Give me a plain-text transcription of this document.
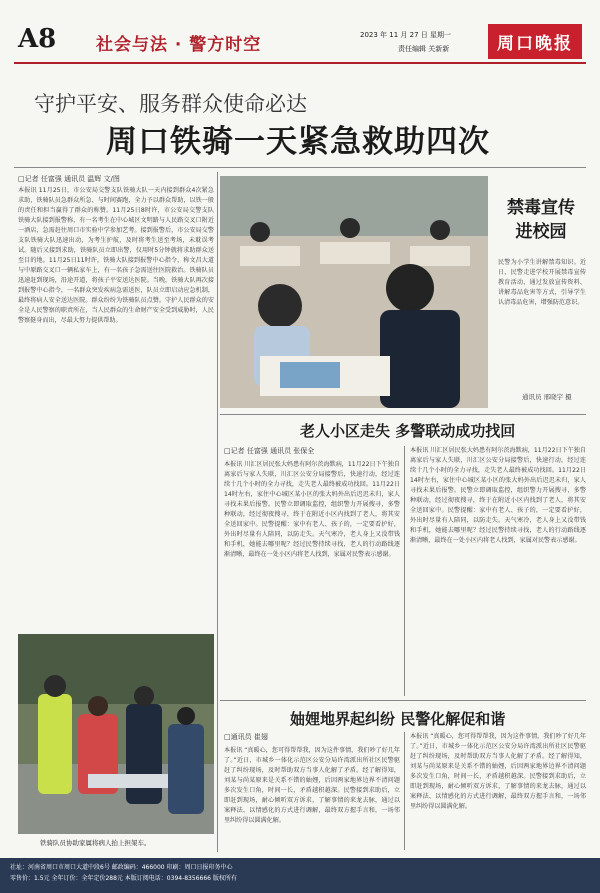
A8 社会与法 · 警方时空	2023 年 11 月 27 日 星期一
责任编辑 关新新	周口晚报
守护平安、服务群众使命必达
周口铁骑一天紧急救助四次
□记者 任富强 通讯员 温辉 文/图
本报讯 11月25日，市公安局交警支队铁骑大队一天内接到群众4次紧急求助，铁骑队员急群众所急、与时间赛跑，全力予以群众帮助，以铁一般的责任和担当赢得了群众的称赞。11月25日8时许，市公安局交警支队铁骑大队接到报警称，有一名考生在中心城区文明路与人民路交叉口附近一酒店，急需赶往周口市实验中学参加艺考。接到报警后，市公安局交警支队铁骑大队迅速出动，为考生护航，及时将考生送至考场，未耽误考试。随后又接到求助，铁骑队员立即出警，仅用时5分钟就将求助群众送至目的地。11月25日11时许，铁骑大队接到报警中心指令，称文昌大道与中原路交叉口一辆私家车上，有一名孩子急需送往医院救治。铁骑队员迅速赶到现场，沿途开道，将孩子平安送达医院。当晚，铁骑大队再次接到报警中心指令，一名群众突发疾病急需送医，队员立即启动应急机制，最终将病人安全送达医院。群众纷纷为铁骑队员点赞。守护人民群众的安全是人民警察的职责所在，当人民群众的生命财产安全受到威胁时，人民警察挺身而出，尽最大努力提供帮助。
铁骑队员协助家属将病人抬上担架车。
禁毒宣传
进校园
民警为小学生讲解禁毒知识。近日，民警走进学校开展禁毒宣传教育活动，通过发放宣传资料、讲解毒品危害等方式，引导学生认清毒品危害，增强防范意识。
通讯员 邢晓宇 摄
老人小区走失 多警联动成功找回
□记者 任富强 通讯员 张保全
本报讯 川汇区居民张大妈患有阿尔茨海默病，11月22日下午独自离家后与家人失联，川汇区公安分局接警后，快速行动，经过连续十几个小时的全力寻找，走失老人最终被成功找回。11月22日14时左右，家住中心城区某小区的张大妈外出后迟迟未归，家人寻找未果后报警。民警立即调取监控，组织警力开展搜寻，多警种联动，经过彻夜搜寻，终于在附近小区内找到了老人，将其安全送回家中。民警提醒：家中有老人、孩子的，一定要看护好，外出时尽量有人陪同，以防走失。天气寒冷，老人身上又没带钱和手机，她能去哪里呢？经过民警持续寻找，老人的行动路线逐渐清晰，最终在一处小区内将老人找到，家属对民警表示感谢。
本报讯 川汇区居民张大妈患有阿尔茨海默病，11月22日下午独自离家后与家人失联，川汇区公安分局接警后，快速行动，经过连续十几个小时的全力寻找，走失老人最终被成功找回。11月22日14时左右，家住中心城区某小区的张大妈外出后迟迟未归，家人寻找未果后报警。民警立即调取监控，组织警力开展搜寻，多警种联动，经过彻夜搜寻，终于在附近小区内找到了老人，将其安全送回家中。民警提醒：家中有老人、孩子的，一定要看护好，外出时尽量有人陪同，以防走失。天气寒冷，老人身上又没带钱和手机，她能去哪里呢？经过民警持续寻找，老人的行动路线逐渐清晰，最终在一处小区内将老人找到，家属对民警表示感谢。
妯娌地界起纠纷 民警化解促和谐
□通讯员 崔翅
本报讯 “真暖心，您可得帮帮我，因为这件事情，我们吵了好几年了。”近日，市城乡一体化示范区公安分局许湾派出所社区民警驱赶了纠纷现场，及时帮助双方当事人化解了矛盾。经了解得知，刘某与尚某原来是关系不错的妯娌，后因两家地界边界不清问题多次发生口角，时间一长，矛盾越积越深。民警接到求助后，立即赶到现场，耐心倾听双方诉求，了解事情的来龙去脉，通过以案释法、以情感化的方式进行调解，最终双方握手言和，一场邻里纠纷得以圆满化解。
本报讯 “真暖心，您可得帮帮我，因为这件事情，我们吵了好几年了。”近日，市城乡一体化示范区公安分局许湾派出所社区民警驱赶了纠纷现场，及时帮助双方当事人化解了矛盾。经了解得知，刘某与尚某原来是关系不错的妯娌，后因两家地界边界不清问题多次发生口角，时间一长，矛盾越积越深。民警接到求助后，立即赶到现场，耐心倾听双方诉求，了解事情的来龙去脉，通过以案释法、以情感化的方式进行调解，最终双方握手言和，一场邻里纠纷得以圆满化解。
社址：河南省周口市周口大道中段6号 邮政编码：466000 印刷：周口日报印务中心
零售价：1.5元 全年订价：全年定价288元 本版订阅电话：0394-8356666 版权所有
